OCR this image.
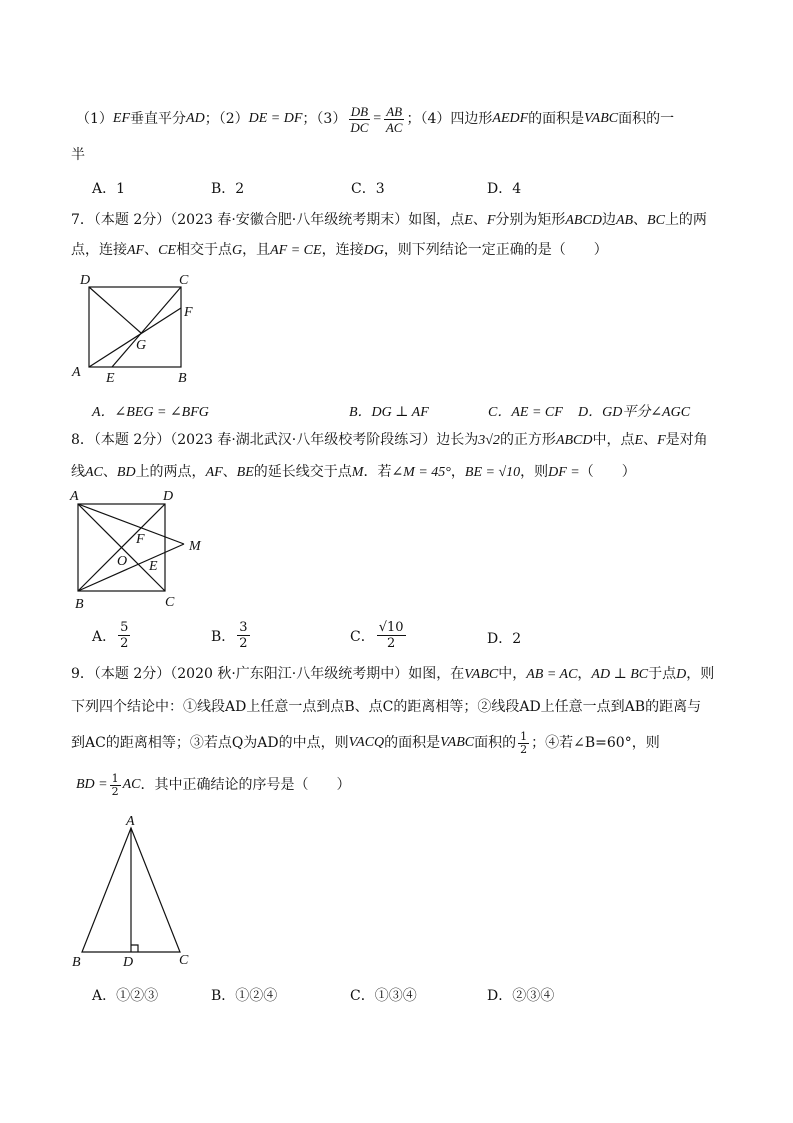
（1） EF 垂直平分 AD ；（2） DE = DF ；$(3) \frac{DB}{DC} = \frac{AB}{AC}$ ；（4）四边形 AEDF 的面积是 VABC 面积的一
半
A．1	B．2	C．3	D．4
7．（本题 2分）（2023 春·安徽合肥·八年级统考期末）如图，点E、F分别为矩形ABCD边AB、BC上的两
点，连接AF、CE相交于点G，且AF = CE，连接DG，则下列结论一定正确的是（　　）
D	C
F
G
A E	B
A．∠BEG = ∠BFG	B．DG ⊥ AF	C．AE = CF D．GD平分∠AGC
8．（本题 2分）（2023 春·湖北武汉·八年级校考阶段练习）边长为3√2的正方形ABCD中，点E、F是对角
线AC、BD上的两点，AF、BE的延长线交于点M．若∠M = 45°，BE = √10，则DF =（　　）
A	D
F	M
O E
B	C
A． $\frac{5}{2}$	B． $\frac{3}{2}$	C． $\frac{√10}{2}$	D．2
9．（本题 2分）（2020 秋·广东阳江·八年级统考期中）如图，在VABC中，AB = AC，AD ⊥ BC于点D，则
下列四个结论中：①线段AD上任意一点到点B、点C的距离相等；②线段AD上任意一点到AB的距离与
到AC的距离相等；③若点Q为AD的中点，则 VACQ 的面积是 VABC 面积的 $\frac{1}{2}$ ；④若∠B=60°，则
BD = $\frac{1}{2}$ AC ．其中正确结论的序号是（　　）
A
B	D	C
A．①②③	B．①②④	C．①③④	D．②③④
